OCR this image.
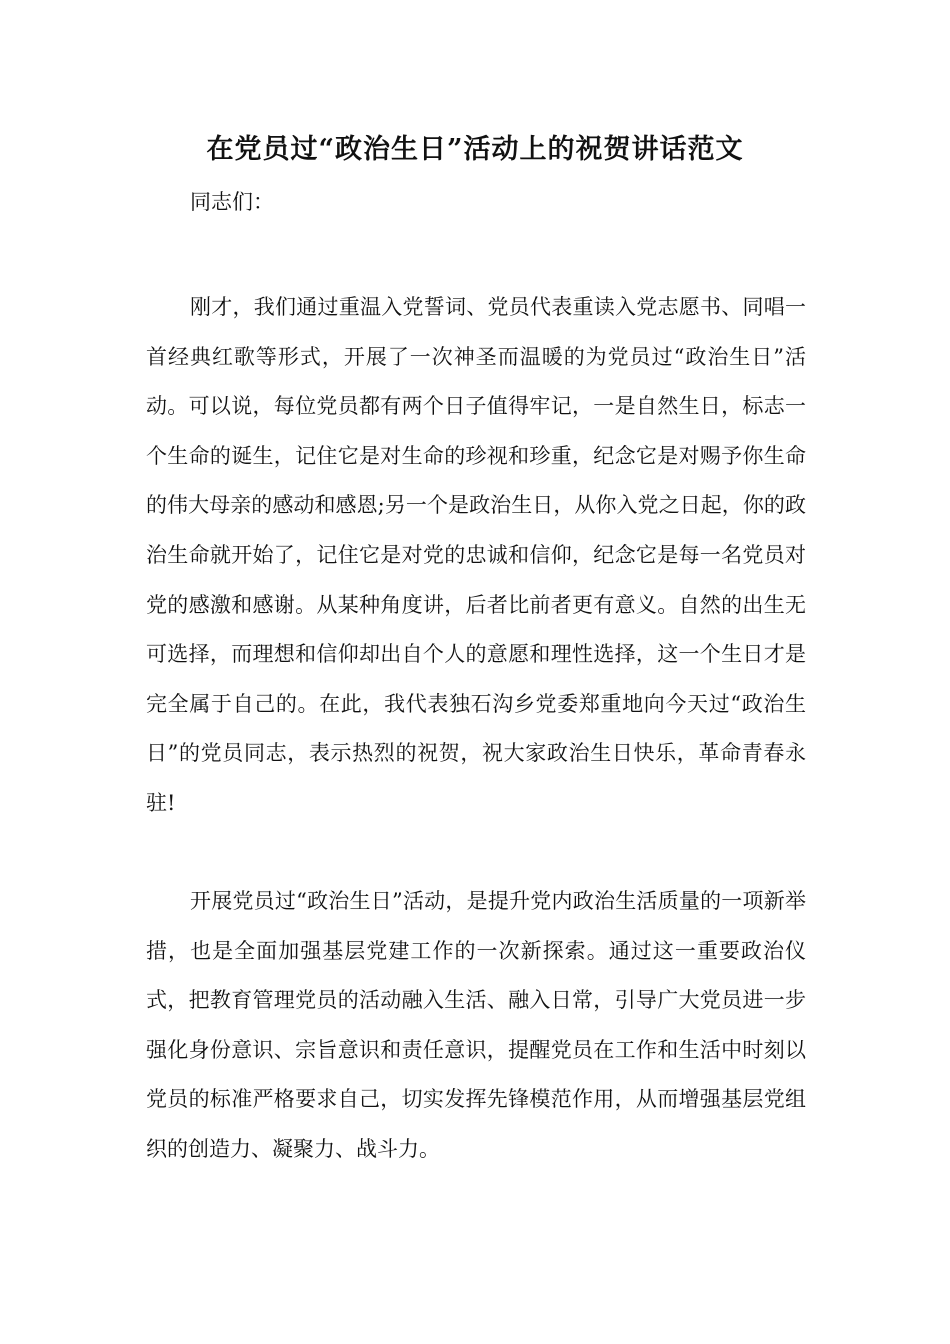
在党员过“政治生日”活动上的祝贺讲话范文

同志们：

刚才，我们通过重温入党誓词、党员代表重读入党志愿书、同唱一首经典红歌等形式，开展了一次神圣而温暖的为党员过“政治生日”活动。可以说，每位党员都有两个日子值得牢记，一是自然生日，标志一个生命的诞生，记住它是对生命的珍视和珍重，纪念它是对赐予你生命的伟大母亲的感动和感恩;另一个是政治生日，从你入党之日起，你的政治生命就开始了，记住它是对党的忠诚和信仰，纪念它是每一名党员对党的感激和感谢。从某种角度讲，后者比前者更有意义。自然的出生无可选择，而理想和信仰却出自个人的意愿和理性选择，这一个生日才是完全属于自己的。在此，我代表独石沟乡党委郑重地向今天过“政治生日”的党员同志，表示热烈的祝贺，祝大家政治生日快乐，革命青春永驻!

开展党员过“政治生日”活动，是提升党内政治生活质量的一项新举措，也是全面加强基层党建工作的一次新探索。通过这一重要政治仪式，把教育管理党员的活动融入生活、融入日常，引导广大党员进一步强化身份意识、宗旨意识和责任意识，提醒党员在工作和生活中时刻以党员的标准严格要求自己，切实发挥先锋模范作用，从而增强基层党组织的创造力、凝聚力、战斗力。
